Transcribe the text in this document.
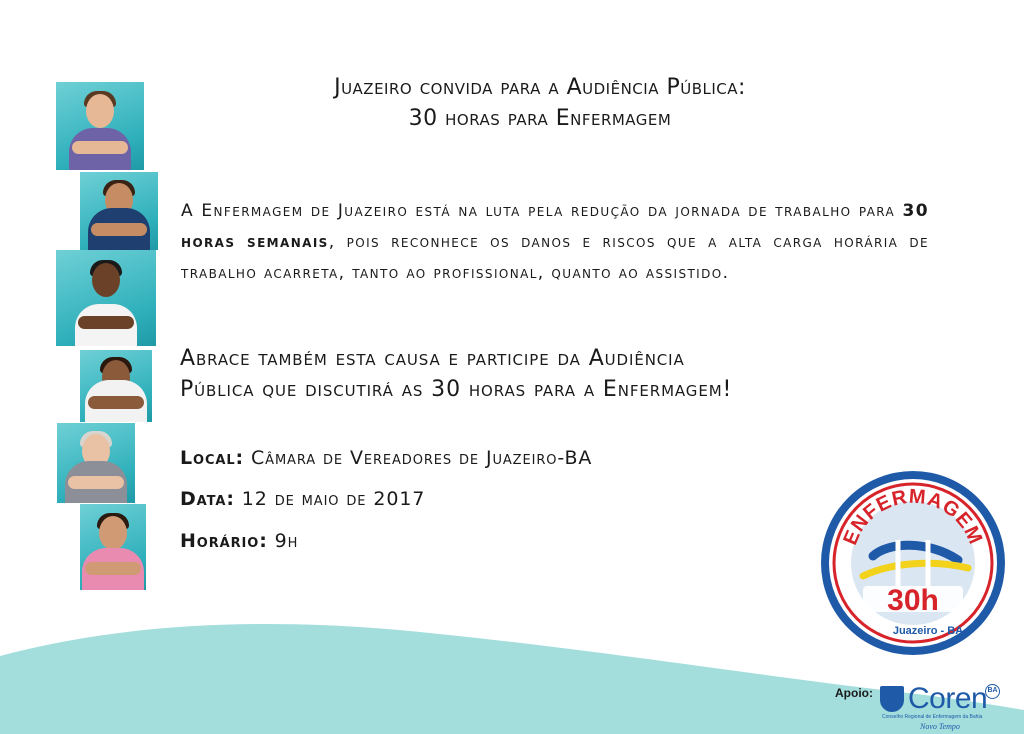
Juazeiro convida para a Audiência Pública:
30 horas para Enfermagem

A Enfermagem de Juazeiro está na luta pela redução da jornada de trabalho para 30 horas semanais, pois reconhece os danos e riscos que a alta carga horária de trabalho acarreta, tanto ao profissional, quanto ao assistido.

Abrace também esta causa e participe da Audiência
Pública que discutirá as 30 horas para a Enfermagem!
Local: Câmara de Vereadores de Juazeiro-BA
Data: 12 de maio de 2017
Horário: 9h	ENFERMAGEM
30h
Juazeiro - BA
Apoio: Coren BA
Conselho Regional de Enfermagem da Bahia
Novo Tempo
